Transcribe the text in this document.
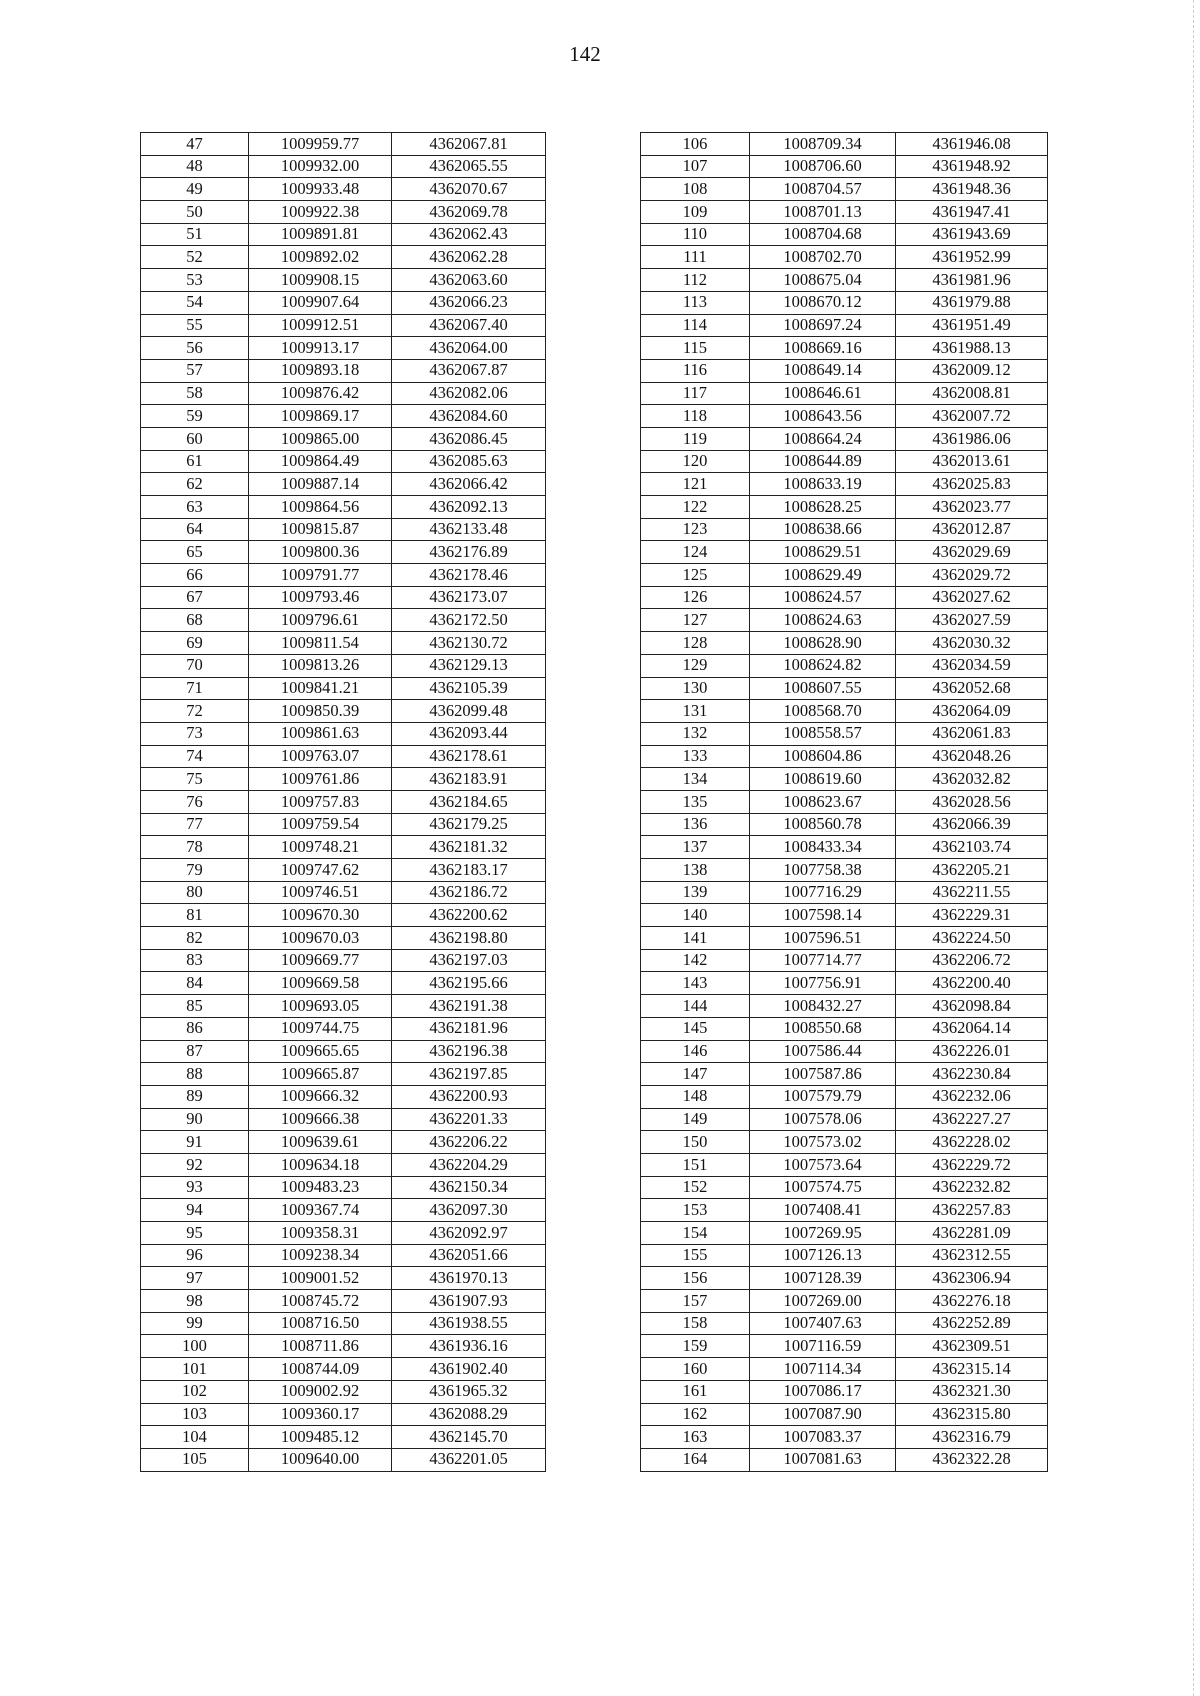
142
47	1009959.77	4362067.81
48	1009932.00	4362065.55
49	1009933.48	4362070.67
50	1009922.38	4362069.78
51	1009891.81	4362062.43
52	1009892.02	4362062.28
53	1009908.15	4362063.60
54	1009907.64	4362066.23
55	1009912.51	4362067.40
56	1009913.17	4362064.00
57	1009893.18	4362067.87
58	1009876.42	4362082.06
59	1009869.17	4362084.60
60	1009865.00	4362086.45
61	1009864.49	4362085.63
62	1009887.14	4362066.42
63	1009864.56	4362092.13
64	1009815.87	4362133.48
65	1009800.36	4362176.89
66	1009791.77	4362178.46
67	1009793.46	4362173.07
68	1009796.61	4362172.50
69	1009811.54	4362130.72
70	1009813.26	4362129.13
71	1009841.21	4362105.39
72	1009850.39	4362099.48
73	1009861.63	4362093.44
74	1009763.07	4362178.61
75	1009761.86	4362183.91
76	1009757.83	4362184.65
77	1009759.54	4362179.25
78	1009748.21	4362181.32
79	1009747.62	4362183.17
80	1009746.51	4362186.72
81	1009670.30	4362200.62
82	1009670.03	4362198.80
83	1009669.77	4362197.03
84	1009669.58	4362195.66
85	1009693.05	4362191.38
86	1009744.75	4362181.96
87	1009665.65	4362196.38
88	1009665.87	4362197.85
89	1009666.32	4362200.93
90	1009666.38	4362201.33
91	1009639.61	4362206.22
92	1009634.18	4362204.29
93	1009483.23	4362150.34
94	1009367.74	4362097.30
95	1009358.31	4362092.97
96	1009238.34	4362051.66
97	1009001.52	4361970.13
98	1008745.72	4361907.93
99	1008716.50	4361938.55
100	1008711.86	4361936.16
101	1008744.09	4361902.40
102	1009002.92	4361965.32
103	1009360.17	4362088.29
104	1009485.12	4362145.70
105	1009640.00	4362201.05
106	1008709.34	4361946.08
107	1008706.60	4361948.92
108	1008704.57	4361948.36
109	1008701.13	4361947.41
110	1008704.68	4361943.69
111	1008702.70	4361952.99
112	1008675.04	4361981.96
113	1008670.12	4361979.88
114	1008697.24	4361951.49
115	1008669.16	4361988.13
116	1008649.14	4362009.12
117	1008646.61	4362008.81
118	1008643.56	4362007.72
119	1008664.24	4361986.06
120	1008644.89	4362013.61
121	1008633.19	4362025.83
122	1008628.25	4362023.77
123	1008638.66	4362012.87
124	1008629.51	4362029.69
125	1008629.49	4362029.72
126	1008624.57	4362027.62
127	1008624.63	4362027.59
128	1008628.90	4362030.32
129	1008624.82	4362034.59
130	1008607.55	4362052.68
131	1008568.70	4362064.09
132	1008558.57	4362061.83
133	1008604.86	4362048.26
134	1008619.60	4362032.82
135	1008623.67	4362028.56
136	1008560.78	4362066.39
137	1008433.34	4362103.74
138	1007758.38	4362205.21
139	1007716.29	4362211.55
140	1007598.14	4362229.31
141	1007596.51	4362224.50
142	1007714.77	4362206.72
143	1007756.91	4362200.40
144	1008432.27	4362098.84
145	1008550.68	4362064.14
146	1007586.44	4362226.01
147	1007587.86	4362230.84
148	1007579.79	4362232.06
149	1007578.06	4362227.27
150	1007573.02	4362228.02
151	1007573.64	4362229.72
152	1007574.75	4362232.82
153	1007408.41	4362257.83
154	1007269.95	4362281.09
155	1007126.13	4362312.55
156	1007128.39	4362306.94
157	1007269.00	4362276.18
158	1007407.63	4362252.89
159	1007116.59	4362309.51
160	1007114.34	4362315.14
161	1007086.17	4362321.30
162	1007087.90	4362315.80
163	1007083.37	4362316.79
164	1007081.63	4362322.28
